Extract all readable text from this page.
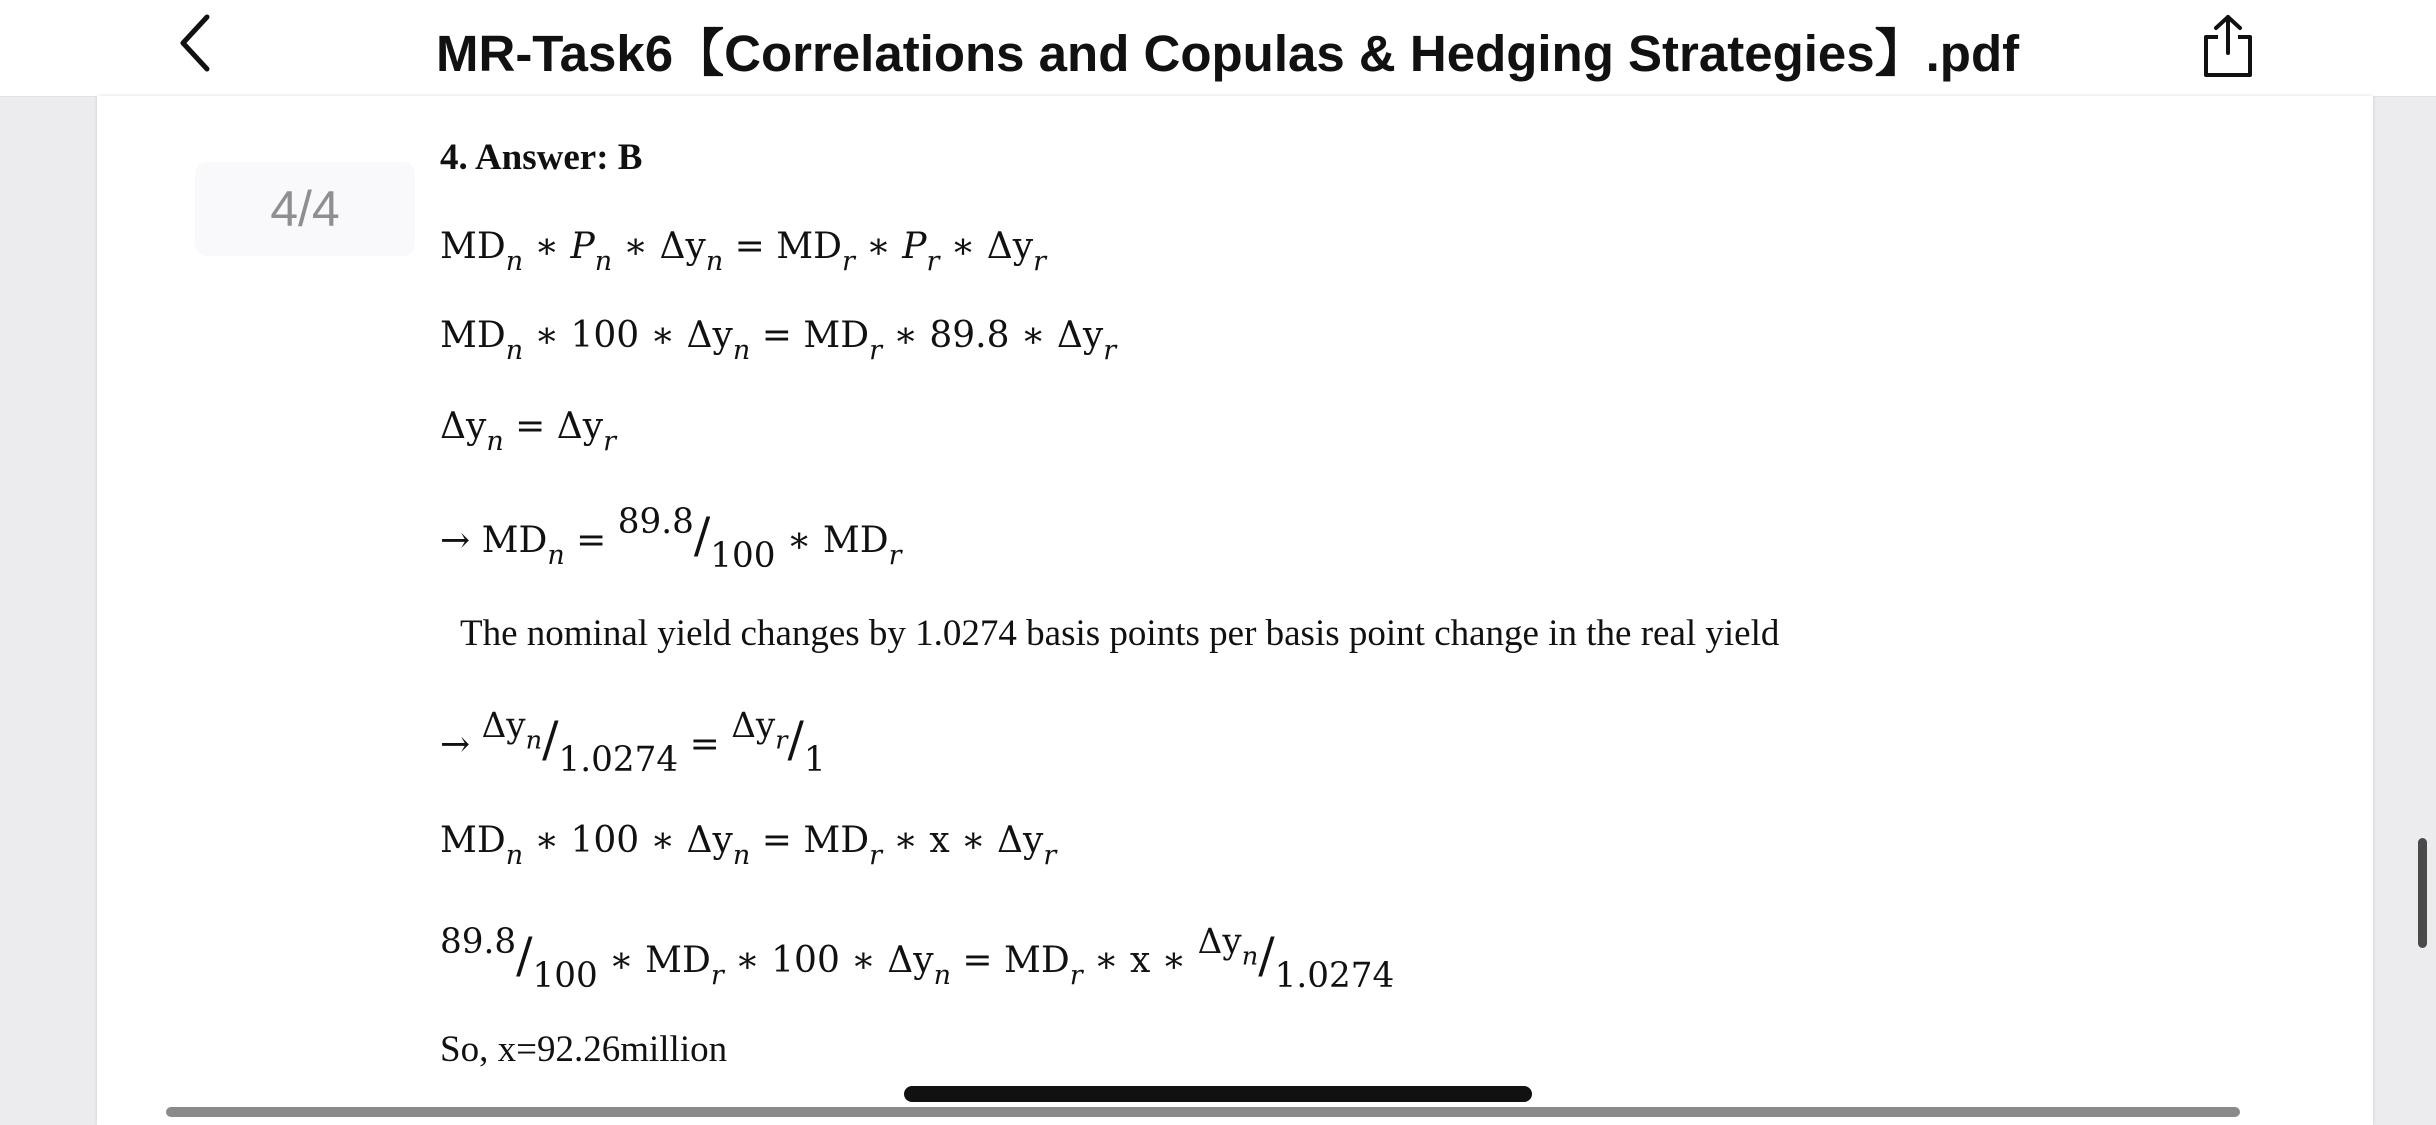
MR-Task6【Correlations and Copulas & Hedging Strategies】.pdf
4/4
4. Answer: B
$MD_n$ ∗ $P_n$ ∗ $\Delta y_n = MD_r$ ∗ $P_r$ ∗ $\Delta y_r$
$MD_n$ ∗ 100 ∗ $\Delta y_n = MD_r$ ∗ 89.8 ∗ $\Delta y_r$
$\Delta y_n = \Delta y_r$
→ $MD_n = 89.8/100$ ∗ $MD_r$
The nominal yield changes by 1.0274 basis points per basis point change in the real yield
→ $\Delta y_n/1.0274 = \Delta y_r/1$
$MD_n$ ∗ 100 ∗ $\Delta y_n = MD_r$ ∗ x ∗ $\Delta y_r$
89.8/100 ∗ $MD_r$ ∗ 100 ∗ $\Delta y_n = MD_r$ ∗ x ∗ $\Delta y_n/1.0274$
So, x=92.26million
